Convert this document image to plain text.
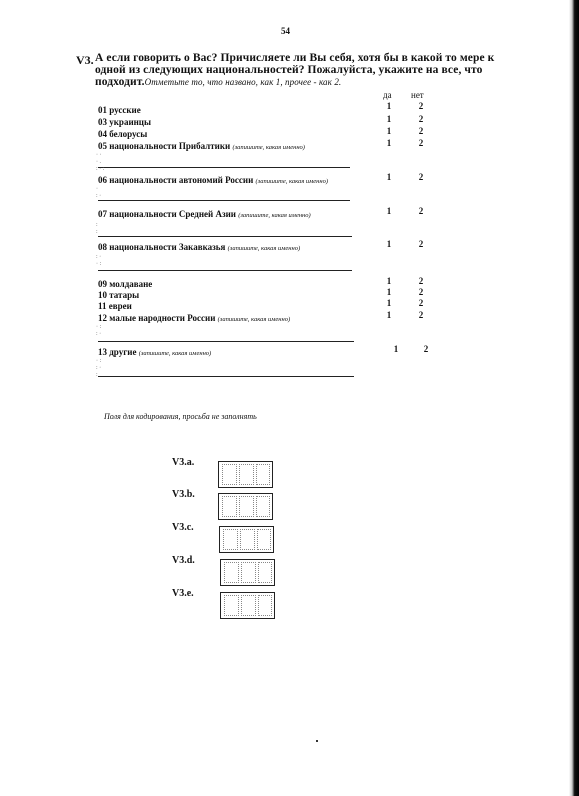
54
V3. А если говорить о Вас? Причисляете ли Вы себя, хотя бы в какой то мере к
одной из следующих национальностей? Пожалуйста, укажите на все, что
подходит.Отметьте то, что названо, как 1, прочее - как 2.
да нет
01 русские	1	2
03 украинцы	1	2
04 белорусы	1	2
05 национальности Прибалтики (запишите, какая именно)	1	2
· ·
· .
: · :
06 национальности автономий России (запишите, какая именно)	1	2
·
: ·
07 национальности Средней Азии (запишите, какая именно)	1	2
:
:
08 национальности Закавказья (запишите, какая именно)	1	2
: ·
· :
09 молдаване	1	2
10 татары	1	2
11 евреи	1	2
12 малые народности России (запишите, какая именно)	1	2
· :
: ·
13 другие (запишите, какая именно)	1	2
· :
: ·
:
Поля для кодирования, просьба не заполнять
V3.a.
V3.b.
V3.c.
V3.d.
V3.e.
